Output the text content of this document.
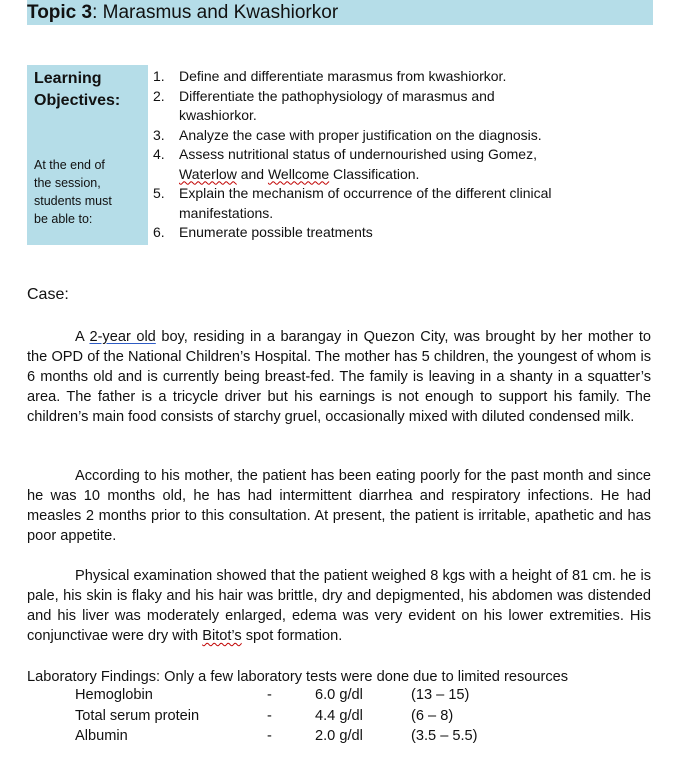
Topic 3: Marasmus and Kwashiorkor
Learning
Objectives:
At the end of
the session,
students must
be able to:
1. Define and differentiate marasmus from kwashiorkor.
2. Differentiate the pathophysiology of marasmus and kwashiorkor.
3. Analyze the case with proper justification on the diagnosis.
4. Assess nutritional status of undernourished using Gomez, Waterlow and Wellcome Classification.
5. Explain the mechanism of occurrence of the different clinical manifestations.
6. Enumerate possible treatments
Case:
A 2-year old boy, residing in a barangay in Quezon City, was brought by her mother to the OPD of the National Children’s Hospital. The mother has 5 children, the youngest of whom is 6 months old and is currently being breast-fed. The family is leaving in a shanty in a squatter’s area. The father is a tricycle driver but his earnings is not enough to support his family. The children’s main food consists of starchy gruel, occasionally mixed with diluted condensed milk.
According to his mother, the patient has been eating poorly for the past month and since he was 10 months old, he has had intermittent diarrhea and respiratory infections. He had measles 2 months prior to this consultation. At present, the patient is irritable, apathetic and has poor appetite.
Physical examination showed that the patient weighed 8 kgs with a height of 81 cm. he is pale, his skin is flaky and his hair was brittle, dry and depigmented, his abdomen was distended and his liver was moderately enlarged, edema was very evident on his lower extremities. His conjunctivae were dry with Bitot’s spot formation.
Laboratory Findings: Only a few laboratory tests were done due to limited resources
Hemoglobin	-	6.0 g/dl	(13 – 15)
Total serum protein	-	4.4 g/dl	(6 – 8)
Albumin	-	2.0 g/dl	(3.5 – 5.5)
